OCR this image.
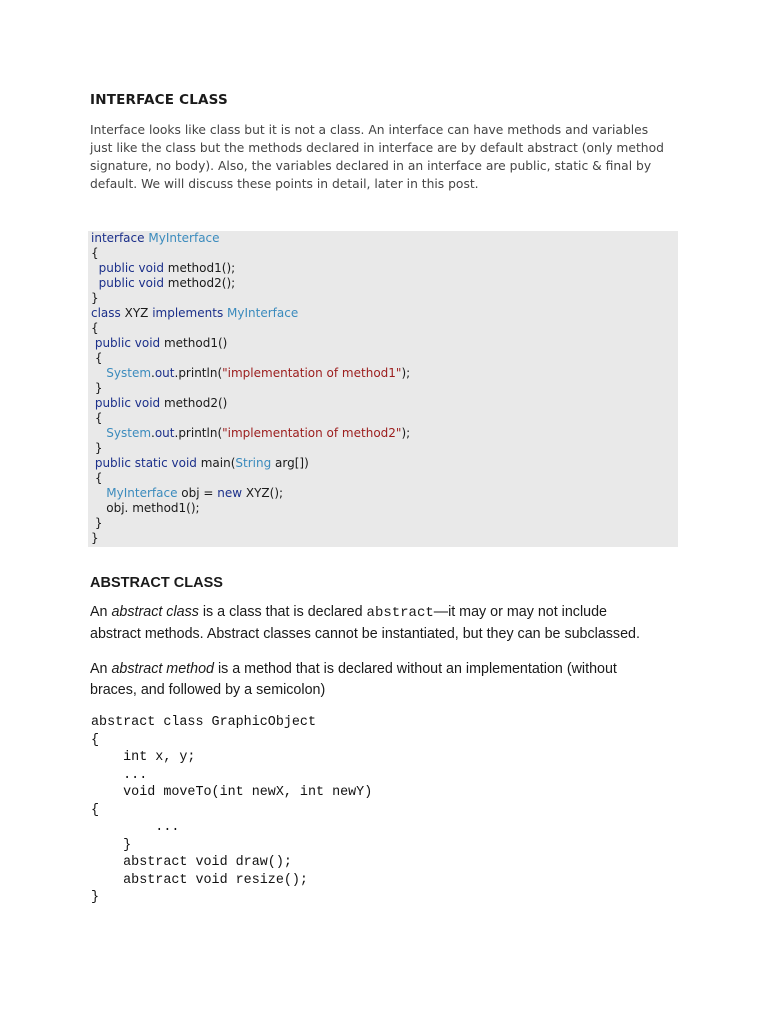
INTERFACE CLASS

Interface looks like class but it is not a class. An interface can have methods and variables
just like the class but the methods declared in interface are by default abstract (only method
signature, no body). Also, the variables declared in an interface are public, static & final by
default. We will discuss these points in detail, later in this post.

interface MyInterface
{
public void method1();
public void method2();
}
class XYZ implements MyInterface
{
public void method1()
{
System.out.println("implementation of method1");
}
public void method2()
{
System.out.println("implementation of method2");
}
public static void main(String arg[])
{
MyInterface obj = new XYZ();
obj. method1();
}
}
ABSTRACT CLASS

An abstract class is a class that is declared abstract—it may or may not include
abstract methods. Abstract classes cannot be instantiated, but they can be subclassed.

An abstract method is a method that is declared without an implementation (without
braces, and followed by a semicolon)

abstract class GraphicObject
{
int x, y;
...
void moveTo(int newX, int newY)
{
...
}
abstract void draw();
abstract void resize();
}
